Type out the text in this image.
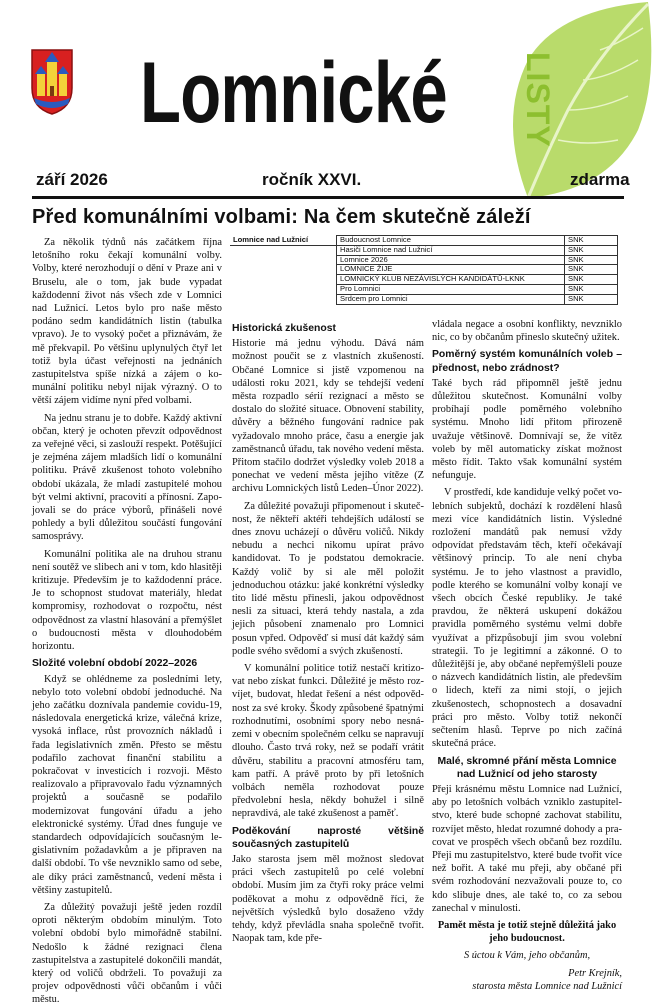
Lomnické LISTY
září 2026	ročník XXVI.	zdarma
Před komunálními volbami: Na čem skutečně záleží
Lomnice nad Lužnicí	Budoucnost Lomnice	SNK
	Hasiči Lomnice nad Lužnicí	SNK
	Lomnice 2026	SNK
	LOMNICE ŽIJE	SNK
	LOMNICKÝ KLUB NEZÁVISLÝCH KANDIDÁTŮ-LKNK	SNK
	Pro Lomnici	SNK
	Srdcem pro Lomnici	SNK

Za několik týdnů nás začátkem října letošního roku čekají komunální volby. Volby, které nerozhodují o dění v Praze ani v Bruselu, ale o tom, jak bude vypadat každodenní život nás všech zde v Lomnici nad Lužnicí. Letos bylo pro naše město podáno sedm kandidátních listin (tabulka vpravo). Je to vysoký počet a přiznávám, že mě překvapil. Po většinu uplynulých čtyř let totiž byla účast veřejnosti na jednáních zastupitelstva spíše nízká a zájem o komunální politiku nebyl nijak výrazný. O to větší zájem vidíme nyní před volbami.

Na jednu stranu je to dobře. Každý aktivní občan, který je ochoten převzít odpovědnost za veřejné věci, si zaslouží respekt. Potěšující je zejména zájem mladších lidí o komunální politiku. Právě zkušenost tohoto volebního období ukázala, že mladí zastupitelé mohou být velmi aktivní, pracovití a přínosní. Zapojovali se do práce výborů, přinášeli nové pohledy a byli důležitou součástí fungování samosprávy.

Komunální politika ale na druhou stranu není soutěž ve slibech ani v tom, kdo hlasitěji kritizuje. Především je to každodenní práce. Je to schopnost studovat materiály, hledat kompromisy, rozhodovat o rozpočtu, nést odpovědnost za vlastní hlasování a přemýšlet o budoucnosti města v dlouhodobém horizontu.

Složité volební období 2022–2026

Když se ohlédneme za posledními lety, nebylo toto volební období jednoduché. Na jeho začátku doznívala pandemie covidu-19, následovala energetická krize, válečná krize, vysoká inflace, růst provozních nákladů i řada legislativních změn. Přesto se městu podařilo zachovat finanční stabilitu a pokračovat v investicích i rozvoji. Město realizovalo a připravovalo řadu významných projektů a současně se podařilo modernizovat fungování úřadu a jeho elektronické systémy. Úřad dnes funguje ve standardech odpovídajících současným legislativním požadavkům a je připraven na další období. To vše nevzniklo samo od sebe, ale díky práci zaměstnanců, vedení města i většiny zastupitelů.

Za důležitý považuji ještě jeden rozdíl oproti některým obdobím minulým. Toto volební období bylo mimořádně stabilní. Nedošlo k žádné rezignaci člena zastupitelstva a zastupitelé dokončili mandát, který od voličů obdrželi. To považuji za projev odpovědnosti vůči občanům i vůči městu.

Historická zkušenost

Historie má jednu výhodu. Dává nám možnost poučit se z vlastních zkušeností. Občané Lomnice si jistě vzpomenou na události roku 2021, kdy se tehdejší vedení města rozpadlo sérií rezignací a město se dostalo do složité situace. Obnovení stability, důvěry a běžného fungování radnice pak vyžadovalo mnoho práce, času a energie jak zaměstnanců úřadu, tak nového vedení města. Přitom stačilo dodržet výsledky voleb 2018 a ponechat ve vedení města jejího vítěze (Z archivu Lomnických listů Leden–Únor 2022).

Za důležité považuji připomenout i skutečnost, že někteří aktéři tehdejších událostí se dnes znovu ucházejí o důvěru voličů. Nikdy nebudu a nechci nikomu upírat právo kandidovat. To je podstatou demokracie. Každý volič by si ale měl položit jednoduchou otázku: jaké konkrétní výsledky tito lidé městu přinesli, jakou odpovědnost nesli za situaci, která tehdy nastala, a zda jejich působení znamenalo pro Lomnici posun vpřed. Odpověď si musí dát každý sám podle svého svědomí a svých zkušeností.

V komunální politice totiž nestačí kritizovat nebo získat funkci. Důležité je město rozvíjet, budovat, hledat řešení a nést odpovědnost za své kroky. Škody způsobené špatnými rozhodnutími, osobními spory nebo nesnázemi v obecním společném celku se napravují dlouho. Často trvá roky, než se podaří vrátit důvěru, stabilitu a pracovní atmosféru tam, kam patří. A právě proto by při letošních volbách neměla rozhodovat pouze předvolební hesla, někdy bohužel i silně nepravdivá, ale také zkušenost a paměť.

Poděkování naprosté většině současných zastupitelů

Jako starosta jsem měl možnost sledovat práci všech zastupitelů po celé volební období. Musím jim za čtyři roky práce velmi poděkovat a mohu z odpovědně říci, že největších výsledků bylo dosaženo vždy tehdy, když převládla snaha společně tvořit. Naopak tam, kde pře-

vládala negace a osobní konflikty, nevzniklo nic, co by občanům přineslo skutečný užitek.

Poměrný systém komunálních voleb – přednost, nebo zrádnost?

Také bych rád připomněl ještě jednu důležitou skutečnost. Komunální volby probíhají podle poměrného volebního systému. Mnoho lidí přitom přirozeně uvažuje většinově. Domnívají se, že vítěz voleb by měl automaticky získat možnost město řídit. Takto však komunální systém nefunguje.

V prostředí, kde kandiduje velký počet volebních subjektů, dochází k rozdělení hlasů mezi více kandidátních listin. Výsledné rozložení mandátů pak nemusí vždy odpovídat představám těch, kteří očekávají většinový princip. To ale není chyba systému. Je to jeho vlastnost a pravidlo, podle kterého se komunální volby konají ve všech obcích České republiky. Je také pravdou, že některá uskupení dokážou pravidla poměrného systému velmi dobře využívat a přizpůsobují jim svou volební strategii. To je legitimní a zákonné. O to důležitější je, aby občané nepřemýšleli pouze o názvech kandidátních listin, ale především o lidech, kteří za nimi stojí, o jejich zkušenostech, schopnostech a dosavadní práci pro město. Volby totiž nekončí sečtením hlasů. Teprve po nich začíná skutečná práce.

Malé, skromné přání města Lomnice nad Lužnicí od jeho starosty

Přeji krásnému městu Lomnice nad Lužnicí, aby po letošních volbách vzniklo zastupitelstvo, které bude schopné zachovat stabilitu, rozvíjet město, hledat rozumné dohody a pracovat ve prospěch všech občanů bez rozdílu. Přeji mu zastupitelstvo, které bude tvořit více než bořit. A také mu přeji, aby občané při svém rozhodování nezvažovali pouze to, co kdo slibuje dnes, ale také to, co za sebou zanechal v minulosti.

Pamět města je totiž stejně důležitá jako jeho budoucnost.

S úctou k Vám, jeho občanům,

Petr Krejník,

starosta města Lomnice nad Lužnicí
